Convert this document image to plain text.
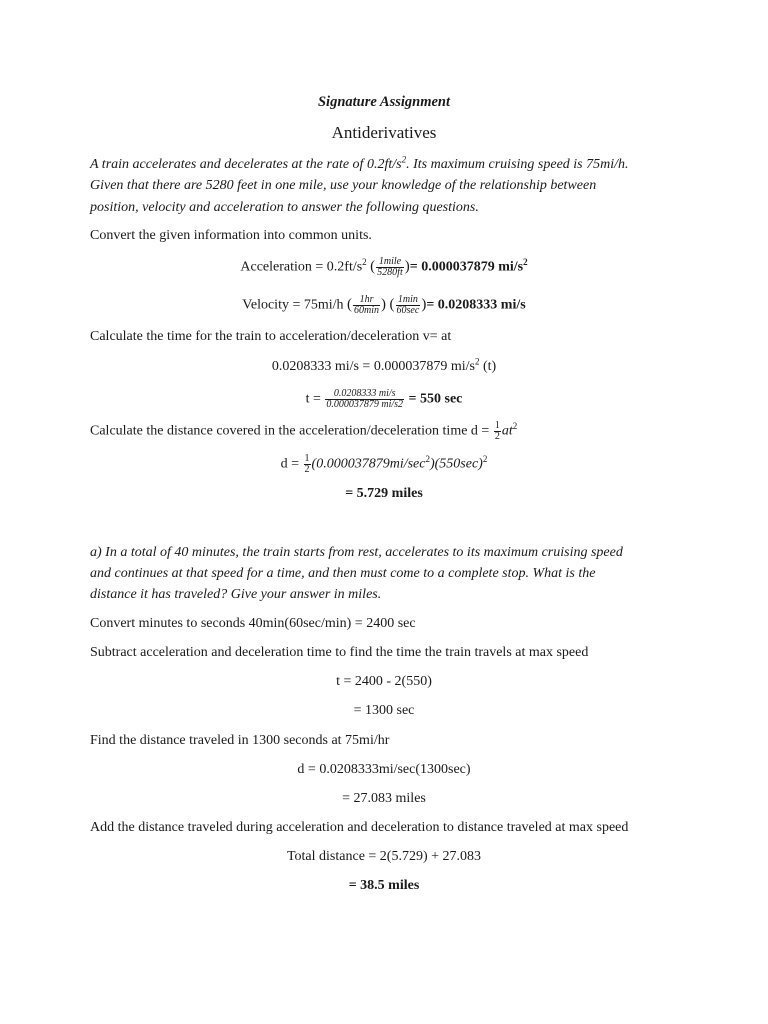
Signature Assignment
Antiderivatives
A train accelerates and decelerates at the rate of $0.2ft/s^2$. Its maximum cruising speed is 75mi/h.
Given that there are 5280 feet in one mile, use your knowledge of the relationship between
position, velocity and acceleration to answer the following questions.
Convert the given information into common units.
Acceleration = $0.2ft/s^2$ ( $\frac{\text{1mile}}{5280ft}$ )= 0.000037879 $mi/s^2$
Velocity = 75mi/h ( $\frac{1hr}{60\min}$ ) ( $\frac{1\min}{60\sec}$ )= 0.0208333 mi/s
Calculate the time for the train to acceleration/deceleration v= at
0.0208333 mi/s = 0.000037879 $mi/s^2$ (t)
$t = \frac{0.0208333 mi/s}{0.000037879 mi/s2} = 550$ sec
Calculate the distance covered in the acceleration/deceleration time $d = \frac{1}{2} at^2$
$d = \frac{1}{2} (0.000037879mi/\sec^2)(550\sec)^2$
= 5.729 miles
a) In a total of 40 minutes, the train starts from rest, accelerates to its maximum cruising speed
and continues at that speed for a time, and then must come to a complete stop. What is the
distance it has traveled? Give your answer in miles.
Convert minutes to seconds 40min(60sec/min) = 2400 sec
Subtract acceleration and deceleration time to find the time the train travels at max speed
t = 2400 - 2(550)
= 1300 sec
Find the distance traveled in 1300 seconds at 75mi/hr
d = 0.0208333mi/sec(1300sec)
= 27.083 miles
Add the distance traveled during acceleration and deceleration to distance traveled at max speed
Total distance = 2(5.729) + 27.083
= 38.5 miles
